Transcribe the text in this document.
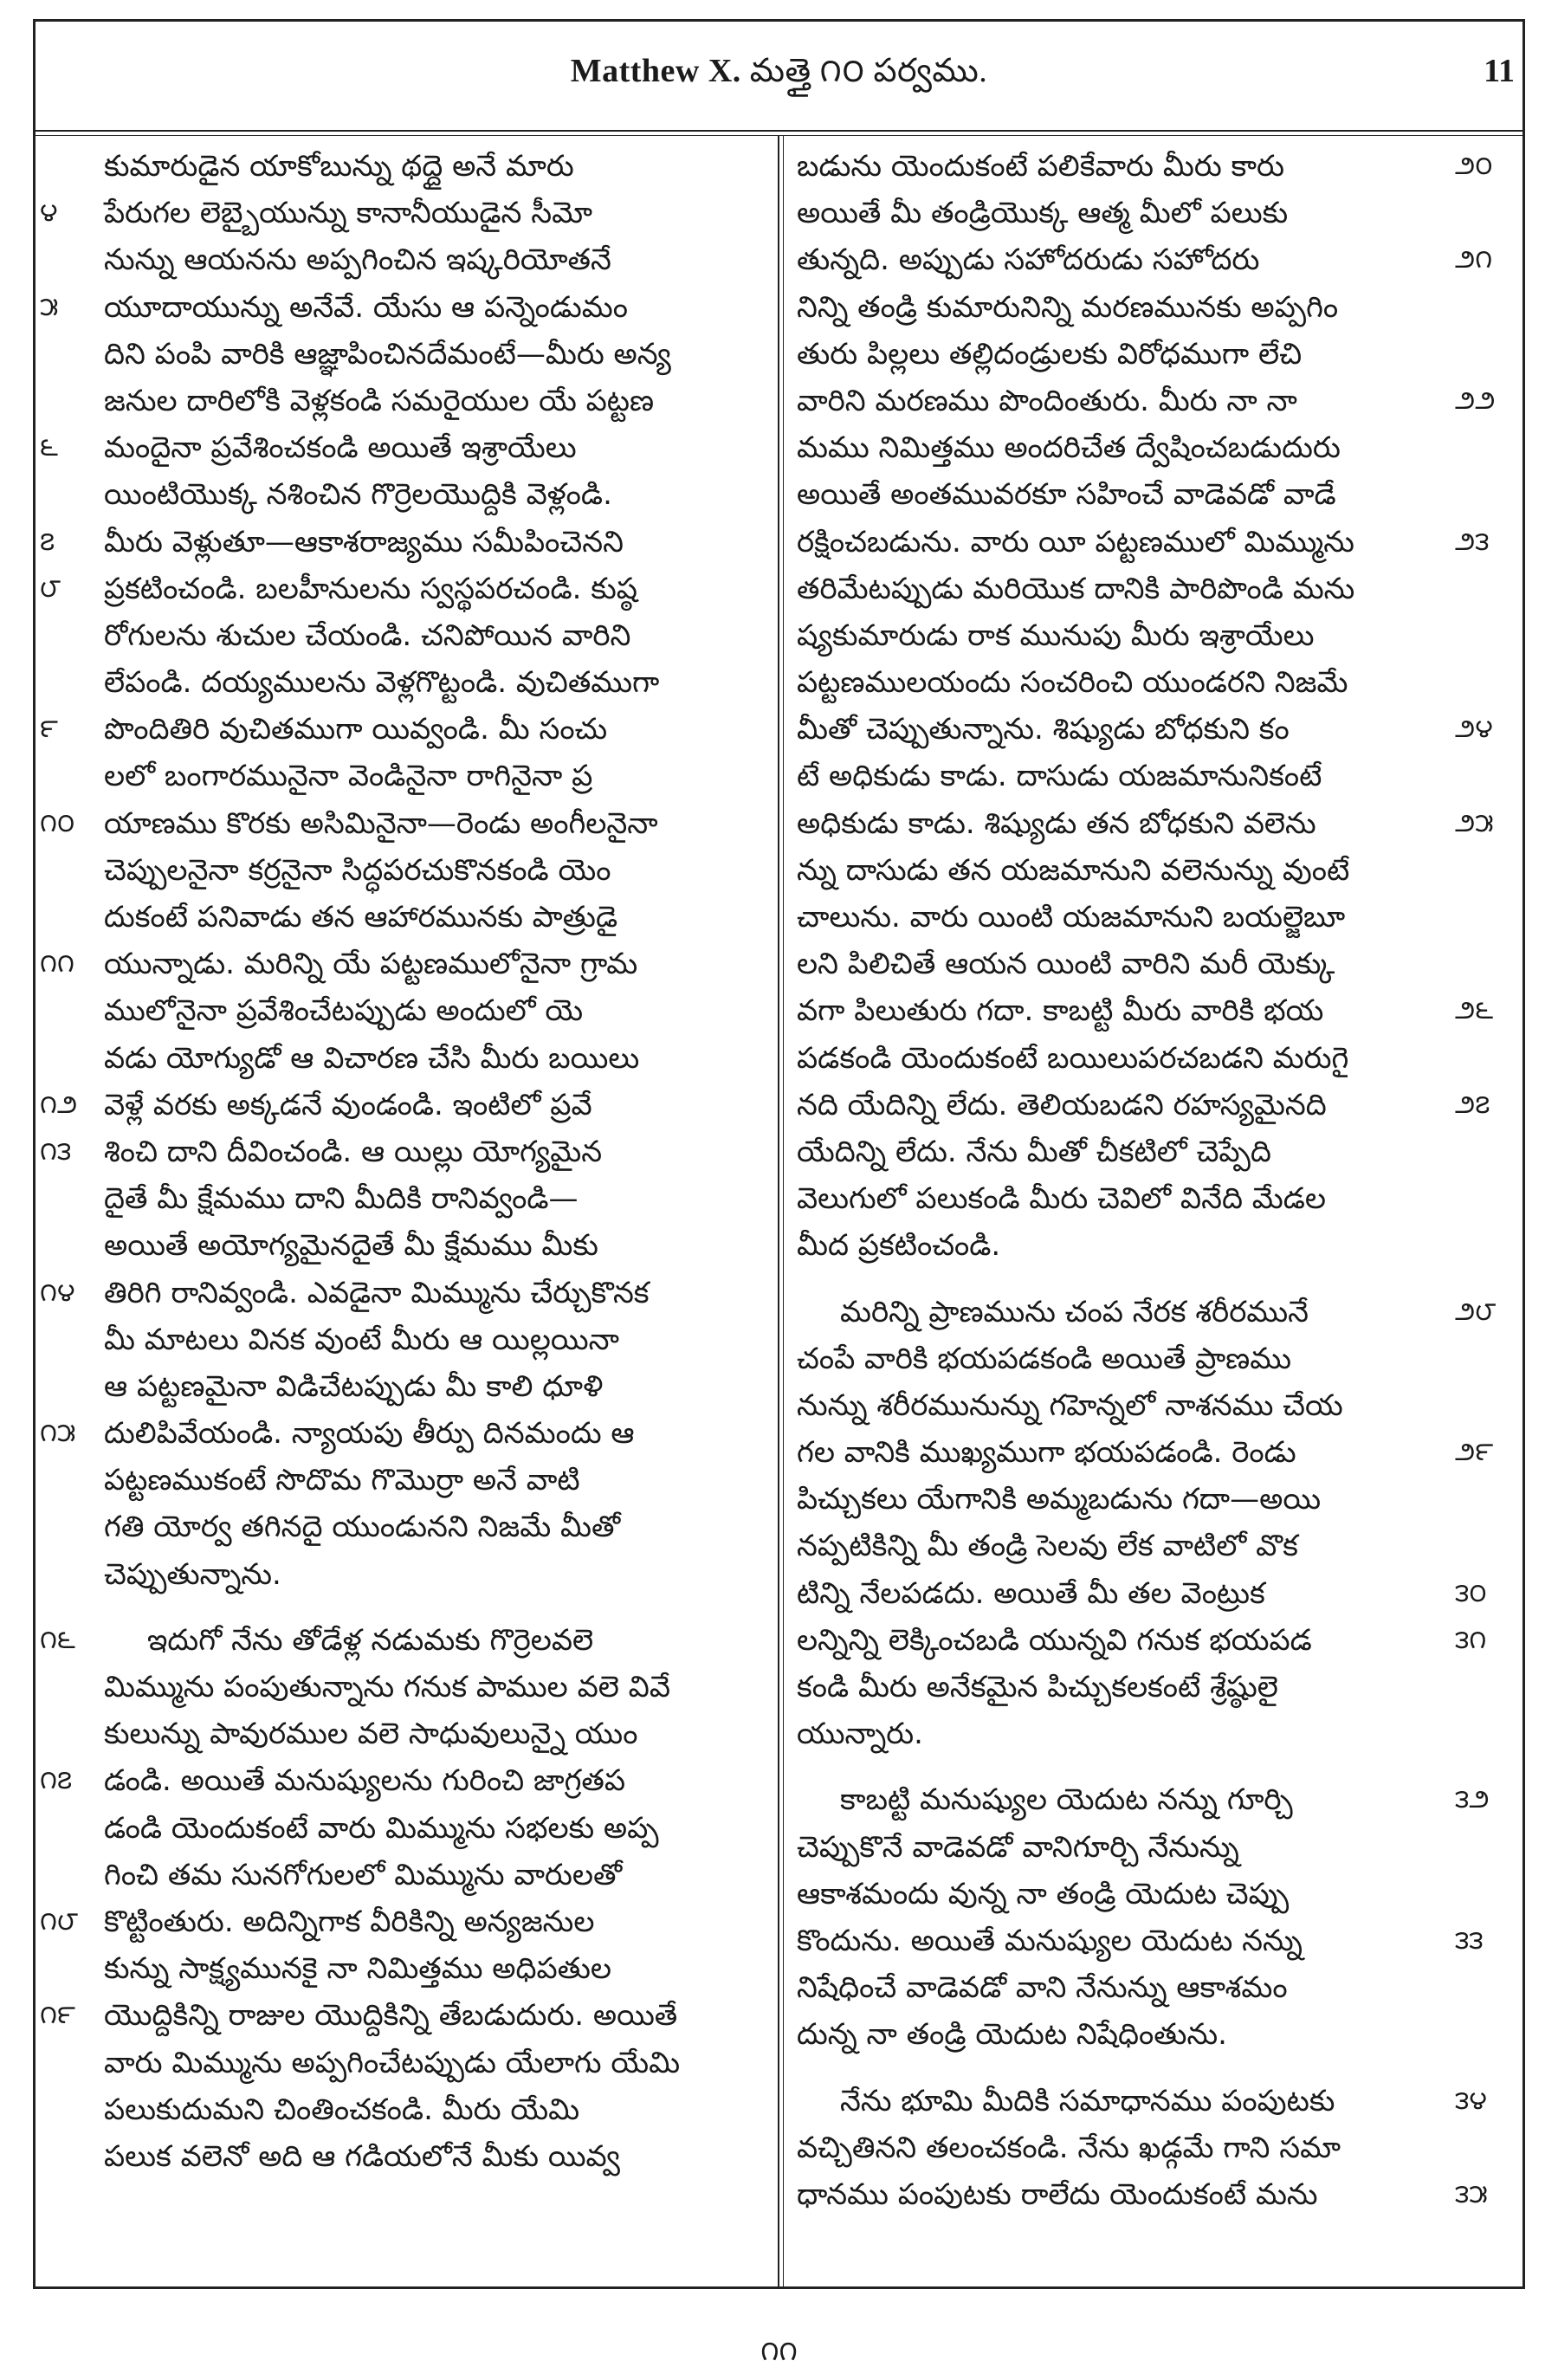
Matthew X. మత్తై ౧౦ పర్వము.	11
కుమారుడైన యాకోబున్ను థద్దై అనే మారు
౪	పేరుగల లెబ్బైయున్ను కానానీయుడైన సీమో
నున్ను ఆయనను అప్పగించిన ఇష్కరియోతనే
౫	యూదాయున్ను అనేవే. యేసు ఆ పన్నెండుమం
దిని పంపి వారికి ఆజ్ఞాపించినదేమంటే—మీరు అన్య
జనుల దారిలోకి వెళ్లకండి సమరైయుల యే పట్టణ
౬	మందైనా ప్రవేశించకండి అయితే ఇశ్రాయేలు
యింటియొక్క నశించిన గొర్రెలయొద్దికి వెళ్లండి.
౭	మీరు వెళ్లుతూ—ఆకాశరాజ్యము సమీపించెనని
౮	ప్రకటించండి. బలహీనులను స్వస్థపరచండి. కుష్ఠ
రోగులను శుచుల చేయండి. చనిపోయిన వారిని
లేపండి. దయ్యములను వెళ్లగొట్టండి. వుచితముగా
౯	పొందితిరి వుచితముగా యివ్వండి. మీ సంచు
లలో బంగారమునైనా వెండినైనా రాగినైనా ప్ర
౧౦ యాణము కొరకు అసిమినైనా—రెండు అంగీలనైనా
చెప్పులనైనా కర్రనైనా సిద్ధపరచుకొనకండి యెం
దుకంటే పనివాడు తన ఆహారమునకు పాత్రుడై
౧౧	యున్నాడు. మరిన్ని యే పట్టణములోనైనా గ్రామ
ములోనైనా ప్రవేశించేటప్పుడు అందులో యె
వడు యోగ్యుడో ఆ విచారణ చేసి మీరు బయిలు
౧౨ వెళ్లే వరకు అక్కడనే వుండండి. ఇంటిలో ప్రవే
౧౩	శించి దాని దీవించండి. ఆ యిల్లు యోగ్యమైన
దైతే మీ క్షేమము దాని మీదికి రానివ్వండి—
అయితే అయోగ్యమైనదైతే మీ క్షేమము మీకు
౧౪ తిరిగి రానివ్వండి. ఎవడైనా మిమ్మును చేర్చుకొనక
మీ మాటలు వినక వుంటే మీరు ఆ యిల్లయినా
ఆ పట్టణమైనా విడిచేటప్పుడు మీ కాలి ధూళి
౧౫ దులిపివేయండి. న్యాయపు తీర్పు దినమందు ఆ
పట్టణముకంటే సొదొమ గొమొర్రా అనే వాటి
గతి యోర్వ తగినదై యుండునని నిజమే మీతో
చెప్పుతున్నాను.
౧౬	ఇదుగో నేను తోడేళ్ల నడుమకు గొర్రెలవలె
మిమ్మును పంపుతున్నాను గనుక పాముల వలె వివే
కులున్ను పావురముల వలె సాధువులున్నై యుం
౧౭	డండి. అయితే మనుష్యులను గురించి జాగ్రతప
డండి యెందుకంటే వారు మిమ్మును సభలకు అప్ప
గించి తమ సునగోగులలో మిమ్మును వారులతో
౧౮ కొట్టింతురు. అదిన్నిగాక వీరికిన్ని అన్యజనుల
కున్ను సాక్ష్యమునకై నా నిమిత్తము అధిపతుల
౧౯ యొద్దికిన్ని రాజుల యొద్దికిన్ని తేబడుదురు. అయితే
వారు మిమ్మును అప్పగించేటప్పుడు యేలాగు యేమి
పలుకుదుమని చింతించకండి. మీరు యేమి
పలుక వలెనో అది ఆ గడియలోనే మీకు యివ్వ
౨౦
బడును యెందుకంటే పలికేవారు మీరు కారు
అయితే మీ తండ్రియొక్క ఆత్మ మీలో పలుకు
౨౧
తున్నది. అప్పుడు సహోదరుడు సహోదరు
నిన్ని తండ్రి కుమారునిన్ని మరణమునకు అప్పగిం
తురు పిల్లలు తల్లిదండ్రులకు విరోధముగా లేచి
౨౨
వారిని మరణము పొందింతురు. మీరు నా నా
మము నిమిత్తము అందరిచేత ద్వేషించబడుదురు
అయితే అంతమువరకూ సహించే వాడెవడో వాడే
౨౩
రక్షించబడును. వారు యీ పట్టణములో మిమ్మును
తరిమేటప్పుడు మరియొక దానికి పారిపొండి మను
ష్యకుమారుడు రాక మునుపు మీరు ఇశ్రాయేలు
పట్టణములయందు సంచరించి యుండరని నిజమే
౨౪
మీతో చెప్పుతున్నాను. శిష్యుడు బోధకుని కం
టే అధికుడు కాడు. దాసుడు యజమానునికంటే
౨౫
అధికుడు కాడు. శిష్యుడు తన బోధకుని వలెను
న్ను దాసుడు తన యజమానుని వలెనున్ను వుంటే
చాలును. వారు యింటి యజమానుని బయల్జెబూ
లని పిలిచితే ఆయన యింటి వారిని మరీ యెక్కు
౨౬
వగా పిలుతురు గదా. కాబట్టి మీరు వారికి భయ
పడకండి యెందుకంటే బయిలుపరచబడని మరుగై
౨౭
నది యేదిన్ని లేదు. తెలియబడని రహస్యమైనది
యేదిన్ని లేదు. నేను మీతో చీకటిలో చెప్పేది
వెలుగులో పలుకండి మీరు చెవిలో వినేది మేడల
మీద ప్రకటించండి.
౨౮
మరిన్ని ప్రాణమును చంప నేరక శరీరమునే
చంపే వారికి భయపడకండి అయితే ప్రాణము
నున్ను శరీరమునున్ను గహెన్నలో నాశనము చేయ
౨౯
గల వానికి ముఖ్యముగా భయపడండి. రెండు
పిచ్చుకలు యేగానికి అమ్మబడును గదా—అయి
నప్పటికిన్ని మీ తండ్రి సెలవు లేక వాటిలో వొక
౩౦
టిన్ని నేలపడదు. అయితే మీ తల వెంట్రుక
౩౧
లన్నిన్ని లెక్కించబడి యున్నవి గనుక భయపడ
కండి మీరు అనేకమైన పిచ్చుకలకంటే శ్రేష్ఠులై
యున్నారు.
౩౨
కాబట్టి మనుష్యుల యెదుట నన్ను గూర్చి
చెప్పుకొనే వాడెవడో వానిగూర్చి నేనున్ను
ఆకాశమందు వున్న నా తండ్రి యెదుట చెప్పు
౩౩
కొందును. అయితే మనుష్యుల యెదుట నన్ను
నిషేధించే వాడెవడో వాని నేనున్ను ఆకాశమం
దున్న నా తండ్రి యెదుట నిషేధింతును.
౩౪
నేను భూమి మీదికి సమాధానము పంపుటకు
వచ్చితినని తలంచకండి. నేను ఖడ్గమే గాని సమా
౩౫
ధానము పంపుటకు రాలేదు యెందుకంటే మను
౧౧
